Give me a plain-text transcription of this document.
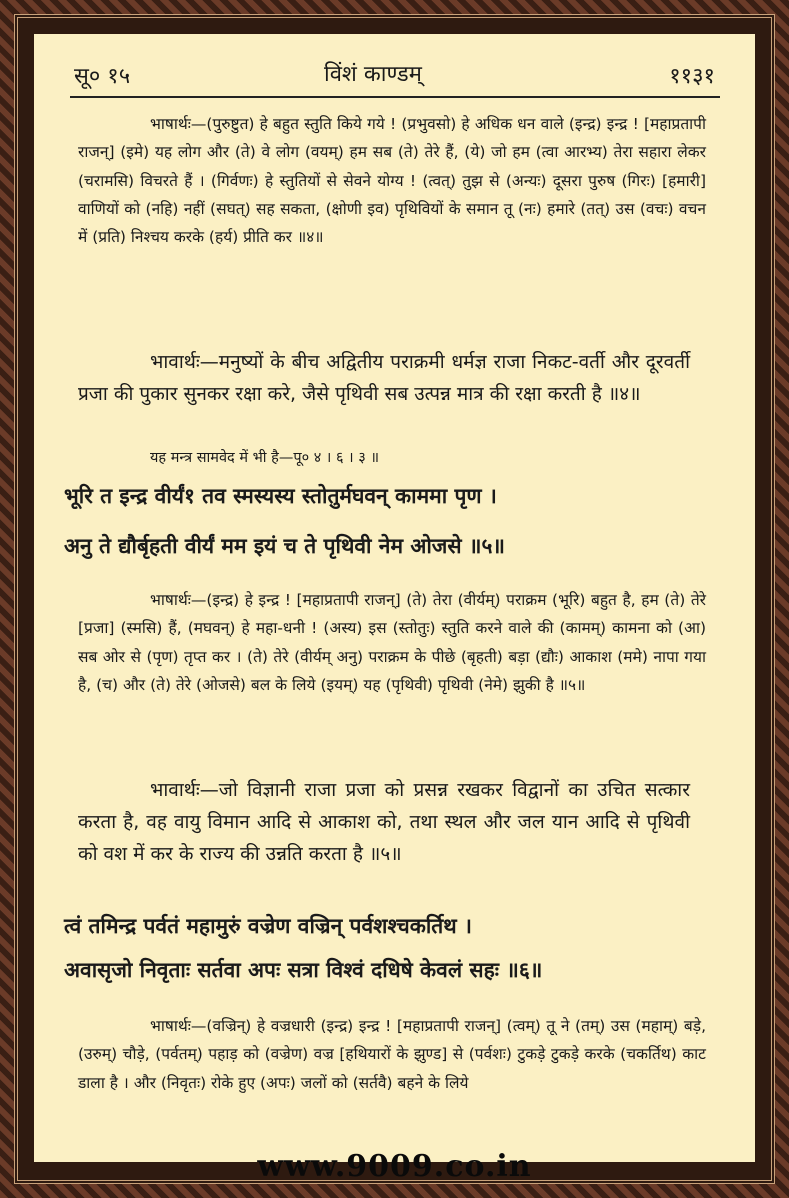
सू० १५	विंशं काण्डम्	११३१
भाषार्थः—(पुरुष्टुत) हे बहुत स्तुति किये गये ! (प्रभुवसो) हे अधिक धन वाले (इन्द्र) इन्द्र ! [महाप्रतापी राजन्] (इमे) यह लोग और (ते) वे लोग (वयम्) हम सब (ते) तेरे हैं, (ये) जो हम (त्वा आरभ्य) तेरा सहारा लेकर (चरामसि) विचरते हैं । (गिर्वणः) हे स्तुतियों से सेवने योग्य ! (त्वत्) तुझ से (अन्यः) दूसरा पुरुष (गिरः) [हमारी] वाणियों को (नहि) नहीं (सघत्) सह सकता, (क्षोणी इव) पृथिवियों के समान तू (नः) हमारे (तत्) उस (वचः) वचन में (प्रति) निश्चय करके (हर्य) प्रीति कर ॥४॥
भावार्थः—मनुष्यों के बीच अद्वितीय पराक्रमी धर्मज्ञ राजा निकट-वर्ती और दूरवर्ती प्रजा की पुकार सुनकर रक्षा करे, जैसे पृथिवी सब उत्पन्न मात्र की रक्षा करती है ॥४॥
यह मन्त्र सामवेद में भी है—पू० ४ । ६ । ३ ॥
भूरि त इन्द्र वीर्यं१ तव स्मस्यस्य स्तोतुर्मघवन् काममा पृण ।
अनु ते द्यौर्बृहती वीर्यं मम इयं च ते पृथिवी नेम ओजसे ॥५॥
भाषार्थः—(इन्द्र) हे इन्द्र ! [महाप्रतापी राजन्] (ते) तेरा (वीर्यम्) पराक्रम (भूरि) बहुत है, हम (ते) तेरे [प्रजा] (स्मसि) हैं, (मघवन्) हे महा-धनी ! (अस्य) इस (स्तोतुः) स्तुति करने वाले की (कामम्) कामना को (आ) सब ओर से (पृण) तृप्त कर । (ते) तेरे (वीर्यम् अनु) पराक्रम के पीछे (बृहती) बड़ा (द्यौः) आकाश (ममे) नापा गया है, (च) और (ते) तेरे (ओजसे) बल के लिये (इयम्) यह (पृथिवी) पृथिवी (नेमे) झुकी है ॥५॥
भावार्थः—जो विज्ञानी राजा प्रजा को प्रसन्न रखकर विद्वानों का उचित सत्कार करता है, वह वायु विमान आदि से आकाश को, तथा स्थल और जल यान आदि से पृथिवी को वश में कर के राज्य की उन्नति करता है ॥५॥
त्वं तमिन्द्र पर्वतं महामुरुं वज्रेण वज्रिन् पर्वशश्चकर्तिथ ।
अवासृजो निवृताः सर्तवा अपः सत्रा विश्वं दधिषे केवलं सहः ॥६॥
भाषार्थः—(वज्रिन्) हे वज्रधारी (इन्द्र) इन्द्र ! [महाप्रतापी राजन्] (त्वम्) तू ने (तम्) उस (महाम्) बड़े, (उरुम्) चौड़े, (पर्वतम्) पहाड़ को (वज्रेण) वज्र [हथियारों के झुण्ड] से (पर्वशः) टुकड़े टुकड़े करके (चकर्तिथ) काट डाला है । और (निवृतः) रोके हुए (अपः) जलों को (सर्तवै) बहने के लिये
www.9009.co.in
